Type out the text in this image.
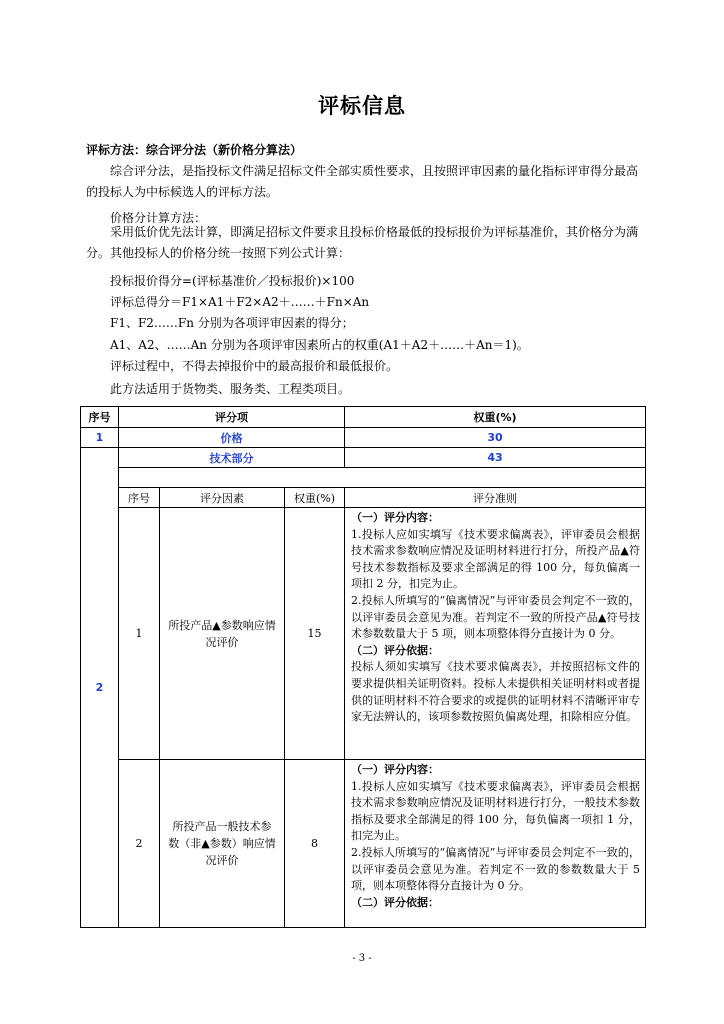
评标信息
评标方法：综合评分法（新价格分算法）
综合评分法，是指投标文件满足招标文件全部实质性要求，且按照评审因素的量化指标评审得分最高的投标人为中标候选人的评标方法。
价格分计算方法：
采用低价优先法计算，即满足招标文件要求且投标价格最低的投标报价为评标基准价，其价格分为满分。其他投标人的价格分统一按照下列公式计算：
投标报价得分=(评标基准价／投标报价)×100
评标总得分＝F1×A1＋F2×A2＋……＋Fn×An
F1、F2……Fn 分别为各项评审因素的得分；
A1、A2、……An 分别为各项评审因素所占的权重(A1＋A2＋……＋An＝1)。
评标过程中，不得去掉报价中的最高报价和最低报价。
此方法适用于货物类、服务类、工程类项目。
序号	评分项			权重(%)
1	价格			30
2	技术部分			43

	序号	评分因素	权重(%)	评分准则
	1	所投产品▲参数响应情况评价	15	（一）评分内容：
1.投标人应如实填写《技术要求偏离表》，评审委员会根据技术需求参数响应情况及证明材料进行打分，所投产品▲符号技术参数指标及要求全部满足的得 100 分，每负偏离一项扣 2 分，扣完为止。
2.投标人所填写的“偏离情况”与评审委员会判定不一致的，以评审委员会意见为准。若判定不一致的所投产品▲符号技术参数数量大于 5 项，则本项整体得分直接计为 0 分。
（二）评分依据：
投标人须如实填写《技术要求偏离表》，并按照招标文件的要求提供相关证明资料。投标人未提供相关证明材料或者提供的证明材料不符合要求的或提供的证明材料不清晰评审专家无法辨认的，该项参数按照负偏离处理，扣除相应分值。

	2	所投产品一般技术参数（非▲参数）响应情况评价	8	（一）评分内容：
1.投标人应如实填写《技术要求偏离表》，评审委员会根据技术需求参数响应情况及证明材料进行打分，一般技术参数指标及要求全部满足的得 100 分，每负偏离一项扣 1 分，扣完为止。
2.投标人所填写的“偏离情况”与评审委员会判定不一致的，以评审委员会意见为准。若判定不一致的参数数量大于 5 项，则本项整体得分直接计为 0 分。
（二）评分依据：
- 3 -
